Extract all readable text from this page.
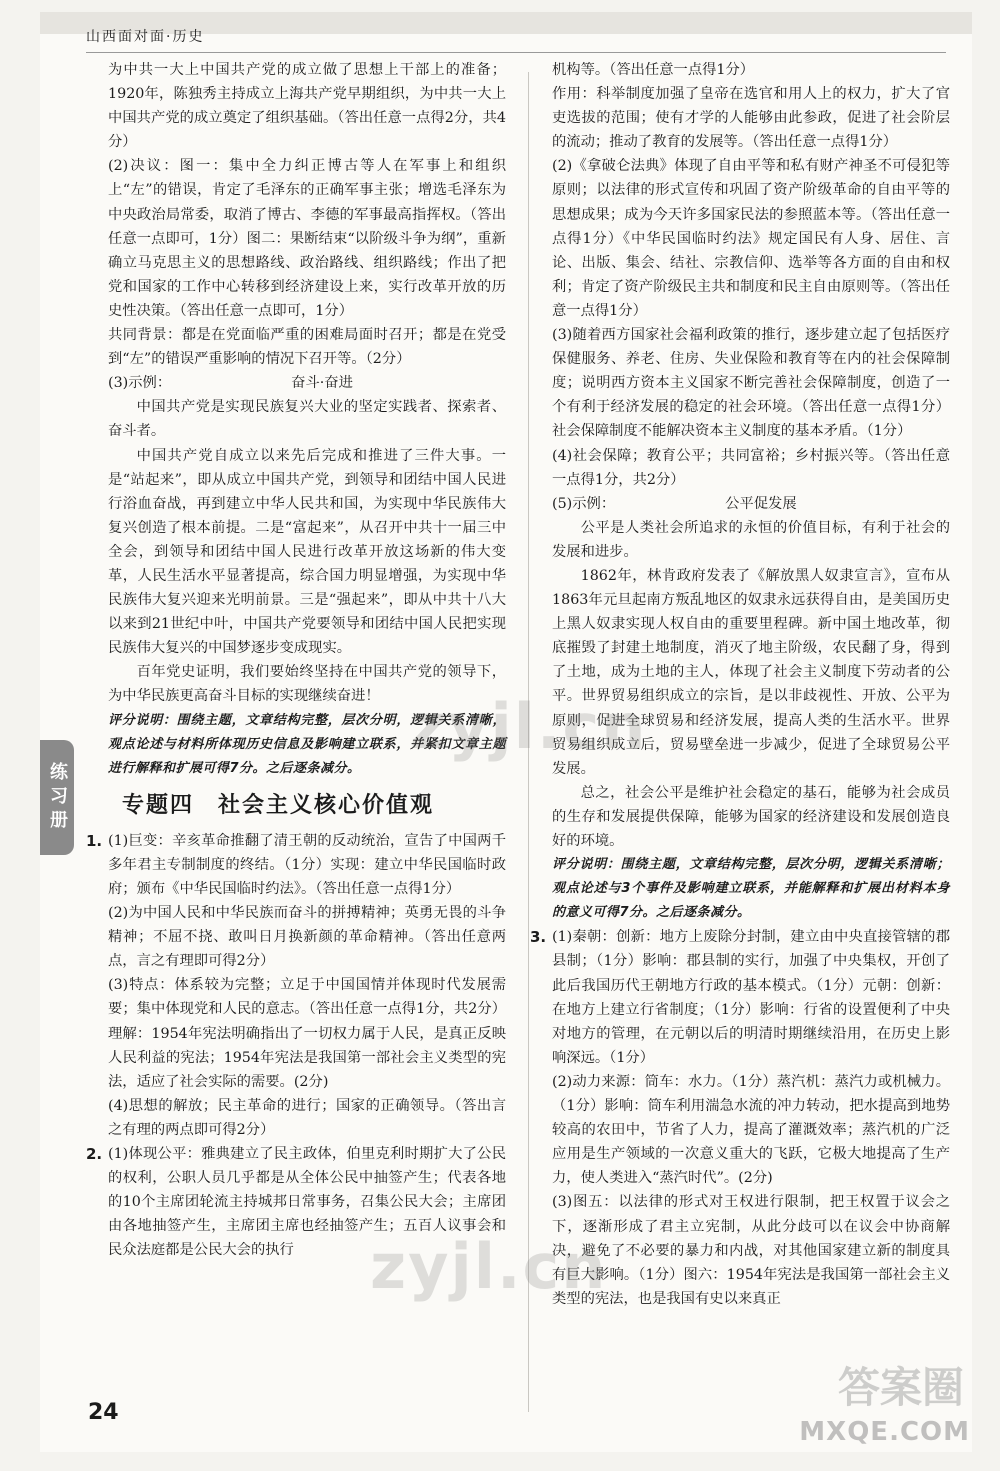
山西面对面·历史

为中共一大上中国共产党的成立做了思想上干部上的准备；1920年，陈独秀主持成立上海共产党早期组织，为中共一大上中国共产党的成立奠定了组织基础。（答出任意一点得2分，共4分）

(2)决议：图一：集中全力纠正博古等人在军事上和组织上“左”的错误，肯定了毛泽东的正确军事主张；增选毛泽东为中央政治局常委，取消了博古、李德的军事最高指挥权。（答出任意一点即可，1分）图二：果断结束“以阶级斗争为纲”，重新确立马克思主义的思想路线、政治路线、组织路线；作出了把党和国家的工作中心转移到经济建设上来，实行改革开放的历史性决策。（答出任意一点即可，1分）

共同背景：都是在党面临严重的困难局面时召开；都是在党受到“左”的错误严重影响的情况下召开等。（2分）

(3)示例：	奋斗·奋进

中国共产党是实现民族复兴大业的坚定实践者、探索者、奋斗者。

中国共产党自成立以来先后完成和推进了三件大事。一是“站起来”，即从成立中国共产党，到领导和团结中国人民进行浴血奋战，再到建立中华人民共和国，为实现中华民族伟大复兴创造了根本前提。二是“富起来”，从召开中共十一届三中全会，到领导和团结中国人民进行改革开放这场新的伟大变革，人民生活水平显著提高，综合国力明显增强，为实现中华民族伟大复兴迎来光明前景。三是“强起来”，即从中共十八大以来到21世纪中叶，中国共产党要领导和团结中国人民把实现民族伟大复兴的中国梦逐步变成现实。

百年党史证明，我们要始终坚持在中国共产党的领导下，为中华民族更高奋斗目标的实现继续奋进！

评分说明：围绕主题，文章结构完整，层次分明，逻辑关系清晰，观点论述与材料所体现历史信息及影响建立联系，并紧扣文章主题进行解释和扩展可得7分。之后逐条减分。

专题四　社会主义核心价值观
1. (1)巨变：辛亥革命推翻了清王朝的反动统治，宣告了中国两千多年君主专制制度的终结。（1分）实现：建立中华民国临时政府；颁布《中华民国临时约法》。（答出任意一点得1分）

(2)为中国人民和中华民族而奋斗的拼搏精神；英勇无畏的斗争精神；不屈不挠、敢叫日月换新颜的革命精神。（答出任意两点，言之有理即可得2分）

(3)特点：体系较为完整；立足于中国国情并体现时代发展需要；集中体现党和人民的意志。（答出任意一点得1分，共2分）理解：1954年宪法明确指出了一切权力属于人民，是真正反映人民利益的宪法；1954年宪法是我国第一部社会主义类型的宪法，适应了社会实际的需要。(2分)

(4)思想的解放；民主革命的进行；国家的正确领导。（答出言之有理的两点即可得2分）

2. (1)体现公平：雅典建立了民主政体，伯里克利时期扩大了公民的权利，公职人员几乎都是从全体公民中抽签产生；代表各地的10个主席团轮流主持城邦日常事务，召集公民大会；主席团由各地抽签产生，主席团主席也经抽签产生；五百人议事会和民众法庭都是公民大会的执行

机构等。（答出任意一点得1分）

作用：科举制度加强了皇帝在选官和用人上的权力，扩大了官吏选拔的范围；使有才学的人能够由此参政，促进了社会阶层的流动；推动了教育的发展等。（答出任意一点得1分）

(2)《拿破仑法典》体现了自由平等和私有财产神圣不可侵犯等原则；以法律的形式宣传和巩固了资产阶级革命的自由平等的思想成果；成为今天许多国家民法的参照蓝本等。（答出任意一点得1分）《中华民国临时约法》规定国民有人身、居住、言论、出版、集会、结社、宗教信仰、选举等各方面的自由和权利；肯定了资产阶级民主共和制度和民主自由原则等。（答出任意一点得1分）

(3)随着西方国家社会福利政策的推行，逐步建立起了包括医疗保健服务、养老、住房、失业保险和教育等在内的社会保障制度；说明西方资本主义国家不断完善社会保障制度，创造了一个有利于经济发展的稳定的社会环境。（答出任意一点得1分）社会保障制度不能解决资本主义制度的基本矛盾。（1分）

(4)社会保障；教育公平；共同富裕；乡村振兴等。（答出任意一点得1分，共2分）

(5)示例：	公平促发展

公平是人类社会所追求的永恒的价值目标，有利于社会的发展和进步。

1862年，林肯政府发表了《解放黑人奴隶宣言》，宣布从1863年元旦起南方叛乱地区的奴隶永远获得自由，是美国历史上黑人奴隶实现人权自由的重要里程碑。新中国土地改革，彻底摧毁了封建土地制度，消灭了地主阶级，农民翻了身，得到了土地，成为土地的主人，体现了社会主义制度下劳动者的公平。世界贸易组织成立的宗旨，是以非歧视性、开放、公平为原则，促进全球贸易和经济发展，提高人类的生活水平。世界贸易组织成立后，贸易壁垒进一步减少，促进了全球贸易公平发展。

总之，社会公平是维护社会稳定的基石，能够为社会成员的生存和发展提供保障，能够为国家的经济建设和发展创造良好的环境。

评分说明：围绕主题，文章结构完整，层次分明，逻辑关系清晰；观点论述与3个事件及影响建立联系，并能解释和扩展出材料本身的意义可得7分。之后逐条减分。

3. (1)秦朝：创新：地方上废除分封制，建立由中央直接管辖的郡县制；（1分）影响：郡县制的实行，加强了中央集权，开创了此后我国历代王朝地方行政的基本模式。（1分）元朝：创新：在地方上建立行省制度；（1分）影响：行省的设置便利了中央对地方的管理，在元朝以后的明清时期继续沿用，在历史上影响深远。（1分）

(2)动力来源：筒车：水力。（1分）蒸汽机：蒸汽力或机械力。（1分）影响：筒车利用湍急水流的冲力转动，把水提高到地势较高的农田中，节省了人力，提高了灌溉效率；蒸汽机的广泛应用是生产领域的一次意义重大的飞跃，它极大地提高了生产力，使人类进入“蒸汽时代”。(2分)

(3)图五：以法律的形式对王权进行限制，把王权置于议会之下，逐渐形成了君主立宪制，从此分歧可以在议会中协商解决，避免了不必要的暴力和内战，对其他国家建立新的制度具有巨大影响。（1分）图六：1954年宪法是我国第一部社会主义类型的宪法，也是我国有史以来真正

练习册
24
zyjl.cn
zyjl.cn
答案圈
MXQE.COM
